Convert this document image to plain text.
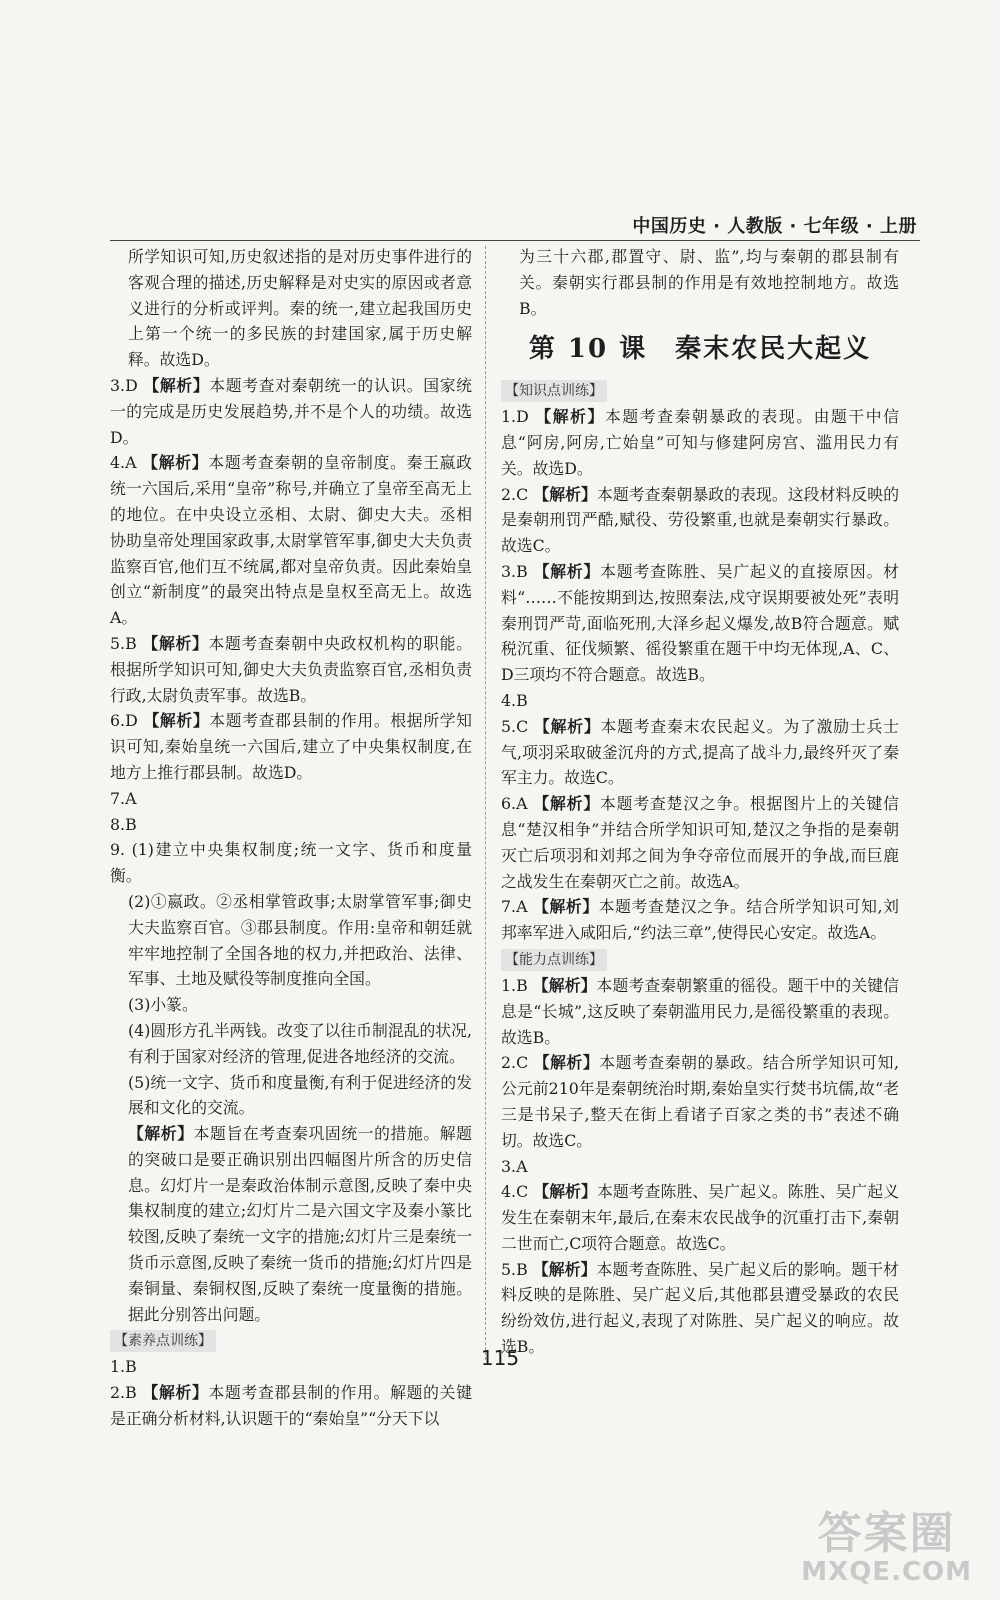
中国历史 · 人教版 · 七年级 · 上册

所学知识可知,历史叙述指的是对历史事件进行的客观合理的描述,历史解释是对史实的原因或者意义进行的分析或评判。秦的统一,建立起我国历史上第一个统一的多民族的封建国家,属于历史解释。故选D。

3.D 【解析】本题考查对秦朝统一的认识。国家统一的完成是历史发展趋势,并不是个人的功绩。故选D。

4.A 【解析】本题考查秦朝的皇帝制度。秦王嬴政统一六国后,采用“皇帝”称号,并确立了皇帝至高无上的地位。在中央设立丞相、太尉、御史大夫。丞相协助皇帝处理国家政事,太尉掌管军事,御史大夫负责监察百官,他们互不统属,都对皇帝负责。因此秦始皇创立“新制度”的最突出特点是皇权至高无上。故选A。

5.B 【解析】本题考查秦朝中央政权机构的职能。根据所学知识可知,御史大夫负责监察百官,丞相负责行政,太尉负责军事。故选B。

6.D 【解析】本题考查郡县制的作用。根据所学知识可知,秦始皇统一六国后,建立了中央集权制度,在地方上推行郡县制。故选D。

7.A

8.B

9. (1)建立中央集权制度;统一文字、货币和度量衡。

(2)①嬴政。②丞相掌管政事;太尉掌管军事;御史大夫监察百官。③郡县制度。作用:皇帝和朝廷就牢牢地控制了全国各地的权力,并把政治、法律、军事、土地及赋役等制度推向全国。

(3)小篆。

(4)圆形方孔半两钱。改变了以往币制混乱的状况,有利于国家对经济的管理,促进各地经济的交流。

(5)统一文字、货币和度量衡,有利于促进经济的发展和文化的交流。

【解析】本题旨在考查秦巩固统一的措施。解题的突破口是要正确识别出四幅图片所含的历史信息。幻灯片一是秦政治体制示意图,反映了秦中央集权制度的建立;幻灯片二是六国文字及秦小篆比较图,反映了秦统一文字的措施;幻灯片三是秦统一货币示意图,反映了秦统一货币的措施;幻灯片四是秦铜量、秦铜权图,反映了秦统一度量衡的措施。据此分别答出问题。

【素养点训练】

1.B

2.B 【解析】本题考查郡县制的作用。解题的关键是正确分析材料,认识题干的“秦始皇”“分天下以

为三十六郡,郡置守、尉、监”,均与秦朝的郡县制有关。秦朝实行郡县制的作用是有效地控制地方。故选B。

第 10 课　秦末农民大起义
【知识点训练】

1.D 【解析】本题考查秦朝暴政的表现。由题干中信息“阿房,阿房,亡始皇”可知与修建阿房宫、滥用民力有关。故选D。

2.C 【解析】本题考查秦朝暴政的表现。这段材料反映的是秦朝刑罚严酷,赋役、劳役繁重,也就是秦朝实行暴政。故选C。

3.B 【解析】本题考查陈胜、吴广起义的直接原因。材料“……不能按期到达,按照秦法,戍守误期要被处死”表明秦刑罚严苛,面临死刑,大泽乡起义爆发,故B符合题意。赋税沉重、征伐频繁、徭役繁重在题干中均无体现,A、C、D三项均不符合题意。故选B。

4.B

5.C 【解析】本题考查秦末农民起义。为了激励士兵士气,项羽采取破釜沉舟的方式,提高了战斗力,最终歼灭了秦军主力。故选C。

6.A 【解析】本题考查楚汉之争。根据图片上的关键信息“楚汉相争”并结合所学知识可知,楚汉之争指的是秦朝灭亡后项羽和刘邦之间为争夺帝位而展开的争战,而巨鹿之战发生在秦朝灭亡之前。故选A。

7.A 【解析】本题考查楚汉之争。结合所学知识可知,刘邦率军进入咸阳后,“约法三章”,使得民心安定。故选A。

【能力点训练】

1.B 【解析】本题考查秦朝繁重的徭役。题干中的关键信息是“长城”,这反映了秦朝滥用民力,是徭役繁重的表现。故选B。

2.C 【解析】本题考查秦朝的暴政。结合所学知识可知,公元前210年是秦朝统治时期,秦始皇实行焚书坑儒,故“老三是书呆子,整天在街上看诸子百家之类的书”表述不确切。故选C。

3.A

4.C 【解析】本题考查陈胜、吴广起义。陈胜、吴广起义发生在秦朝末年,最后,在秦末农民战争的沉重打击下,秦朝二世而亡,C项符合题意。故选C。

5.B 【解析】本题考查陈胜、吴广起义后的影响。题干材料反映的是陈胜、吴广起义后,其他郡县遭受暴政的农民纷纷效仿,进行起义,表现了对陈胜、吴广起义的响应。故选B。

115
答案圈
MXQE.COM
